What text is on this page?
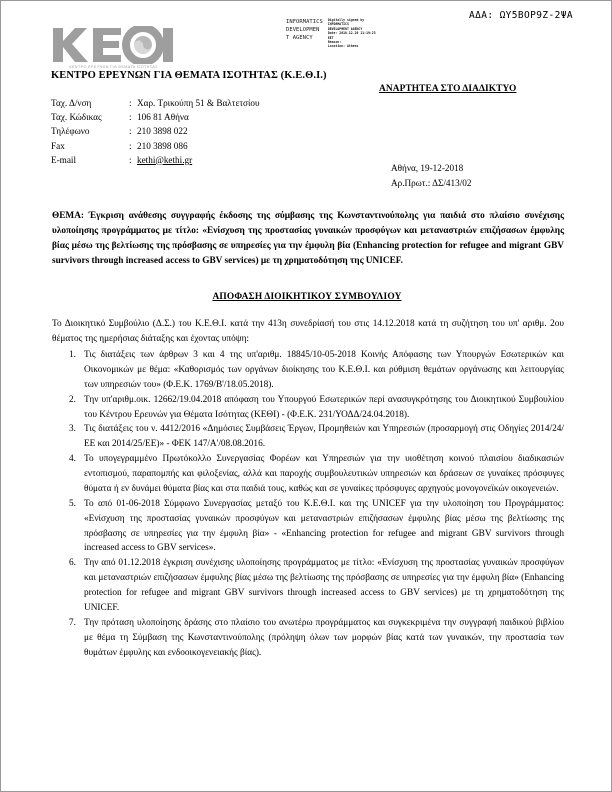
ΑΔΑ: ΩΥ5ΒΟΡ9Ζ-2ΨΑ
ΚΕΝΤΡΟ ΕΡΕΥΝΩΝ ΓΙΑ ΘΕΜΑΤΑ ΙΣΟΤΗΤΑΣ
INFORMATICS
DEVELOPMEN
T AGENCY
Digitally signed by
INFORMATICS
DEVELOPMENT AGENCY
Date: 2018.12.20 11:19:23
EET
Reason:
Location: Athens
ΚΕΝΤΡΟ ΕΡΕΥΝΩΝ ΓΙΑ ΘΕΜΑΤΑ ΙΣΟΤΗΤΑΣ (Κ.Ε.Θ.Ι.)
ΑΝΑΡΤΗΤΕΑ ΣΤΟ ΔΙΑΔΙΚΤΥΟ
Ταχ. Δ/νση	:	Χαρ. Τρικούπη 51 & Βαλτετσίου
Ταχ. Κώδικας	:	106 81 Αθήνα
Τηλέφωνο	:	210 3898 022
Fax	:	210 3898 086
E-mail	:	kethi@kethi.gr
Αθήνα, 19-12-2018
Αρ.Πρωτ.: ΔΣ/413/02
ΘΕΜΑ: Έγκριση ανάθεσης συγγραφής έκδοσης της σύμβασης της Κωνσταντινούπολης για παιδιά στο πλαίσιο συνέχισης υλοποίησης προγράμματος με τίτλο: «Ενίσχυση της προστασίας γυναικών προσφύγων και μεταναστριών επιζήσασων έμφυλης βίας μέσω της βελτίωσης της πρόσβασης σε υπηρεσίες για την έμφυλη βία (Enhancing protection for refugee and migrant GBV survivors through increased access to GBV services) με τη χρηματοδότηση της UNICEF.
ΑΠΟΦΑΣΗ ΔΙΟΙΚΗΤΙΚΟΥ ΣΥΜΒΟΥΛΙΟΥ
Το Διοικητικό Συμβούλιο (Δ.Σ.) του Κ.Ε.Θ.Ι. κατά την 413η συνεδρίασή του στις 14.12.2018 κατά τη συζήτηση του υπ' αριθμ. 2ου θέματος της ημερήσιας διάταξης και έχοντας υπόψη:
1. Τις διατάξεις των άρθρων 3 και 4 της υπ'αριθμ. 18845/10-05-2018 Κοινής Απόφασης των Υπουργών Εσωτερικών και Οικονομικών με θέμα: «Καθορισμός των οργάνων διοίκησης του Κ.Ε.Θ.Ι. και ρύθμιση θεμάτων οργάνωσης και λειτουργίας των υπηρεσιών του» (Φ.Ε.Κ. 1769/Β'/18.05.2018).
2. Την υπ'αριθμ.οικ. 12662/19.04.2018 απόφαση του Υπουργού Εσωτερικών περί ανασυγκρότησης του Διοικητικού Συμβουλίου του Κέντρου Ερευνών για Θέματα Ισότητας (ΚΕΘΙ) - (Φ.Ε.Κ. 231/ΥΟΔΔ/24.04.2018).
3. Τις διατάξεις του ν. 4412/2016 «Δημόσιες Συμβάσεις Έργων, Προμηθειών και Υπηρεσιών (προσαρμογή στις Οδηγίες 2014/24/ΕΕ και 2014/25/ΕΕ)» - ΦΕΚ 147/Α'/08.08.2016.
4. Το υπογεγραμμένο Πρωτόκολλο Συνεργασίας Φορέων και Υπηρεσιών για την υιοθέτηση κοινού πλαισίου διαδικασιών εντοπισμού, παραπομπής και φιλοξενίας, αλλά και παροχής συμβουλευτικών υπηρεσιών και δράσεων σε γυναίκες πρόσφυγες θύματα ή εν δυνάμει θύματα βίας και στα παιδιά τους, καθώς και σε γυναίκες πρόσφυγες αρχηγούς μονογονεϊκών οικογενειών.
5. Το από 01-06-2018 Σύμφωνο Συνεργασίας μεταξύ του Κ.Ε.Θ.Ι. και της UNICEF για την υλοποίηση του Προγράμματος: «Ενίσχυση της προστασίας γυναικών προσφύγων και μεταναστριών επιζήσασων έμφυλης βίας μέσω της βελτίωσης της πρόσβασης σε υπηρεσίες για την έμφυλη βία» - «Enhancing protection for refugee and migrant GBV survivors through increased access to GBV services».
6. Την από 01.12.2018 έγκριση συνέχισης υλοποίησης προγράμματος με τίτλο: «Ενίσχυση της προστασίας γυναικών προσφύγων και μεταναστριών επιζήσασων έμφυλης βίας μέσω της βελτίωσης της πρόσβασης σε υπηρεσίες για την έμφυλη βία» (Enhancing protection for refugee and migrant GBV survivors through increased access to GBV services) με τη χρηματοδότηση της UNICEF.
7. Την πρόταση υλοποίησης δράσης στο πλαίσιο του ανωτέρω προγράμματος και συγκεκριμένα την συγγραφή παιδικού βιβλίου με θέμα τη Σύμβαση της Κωνσταντινούπολης (πρόληψη όλων των μορφών βίας κατά των γυναικών, την προστασία των θυμάτων έμφυλης και ενδοοικογενειακής βίας).
